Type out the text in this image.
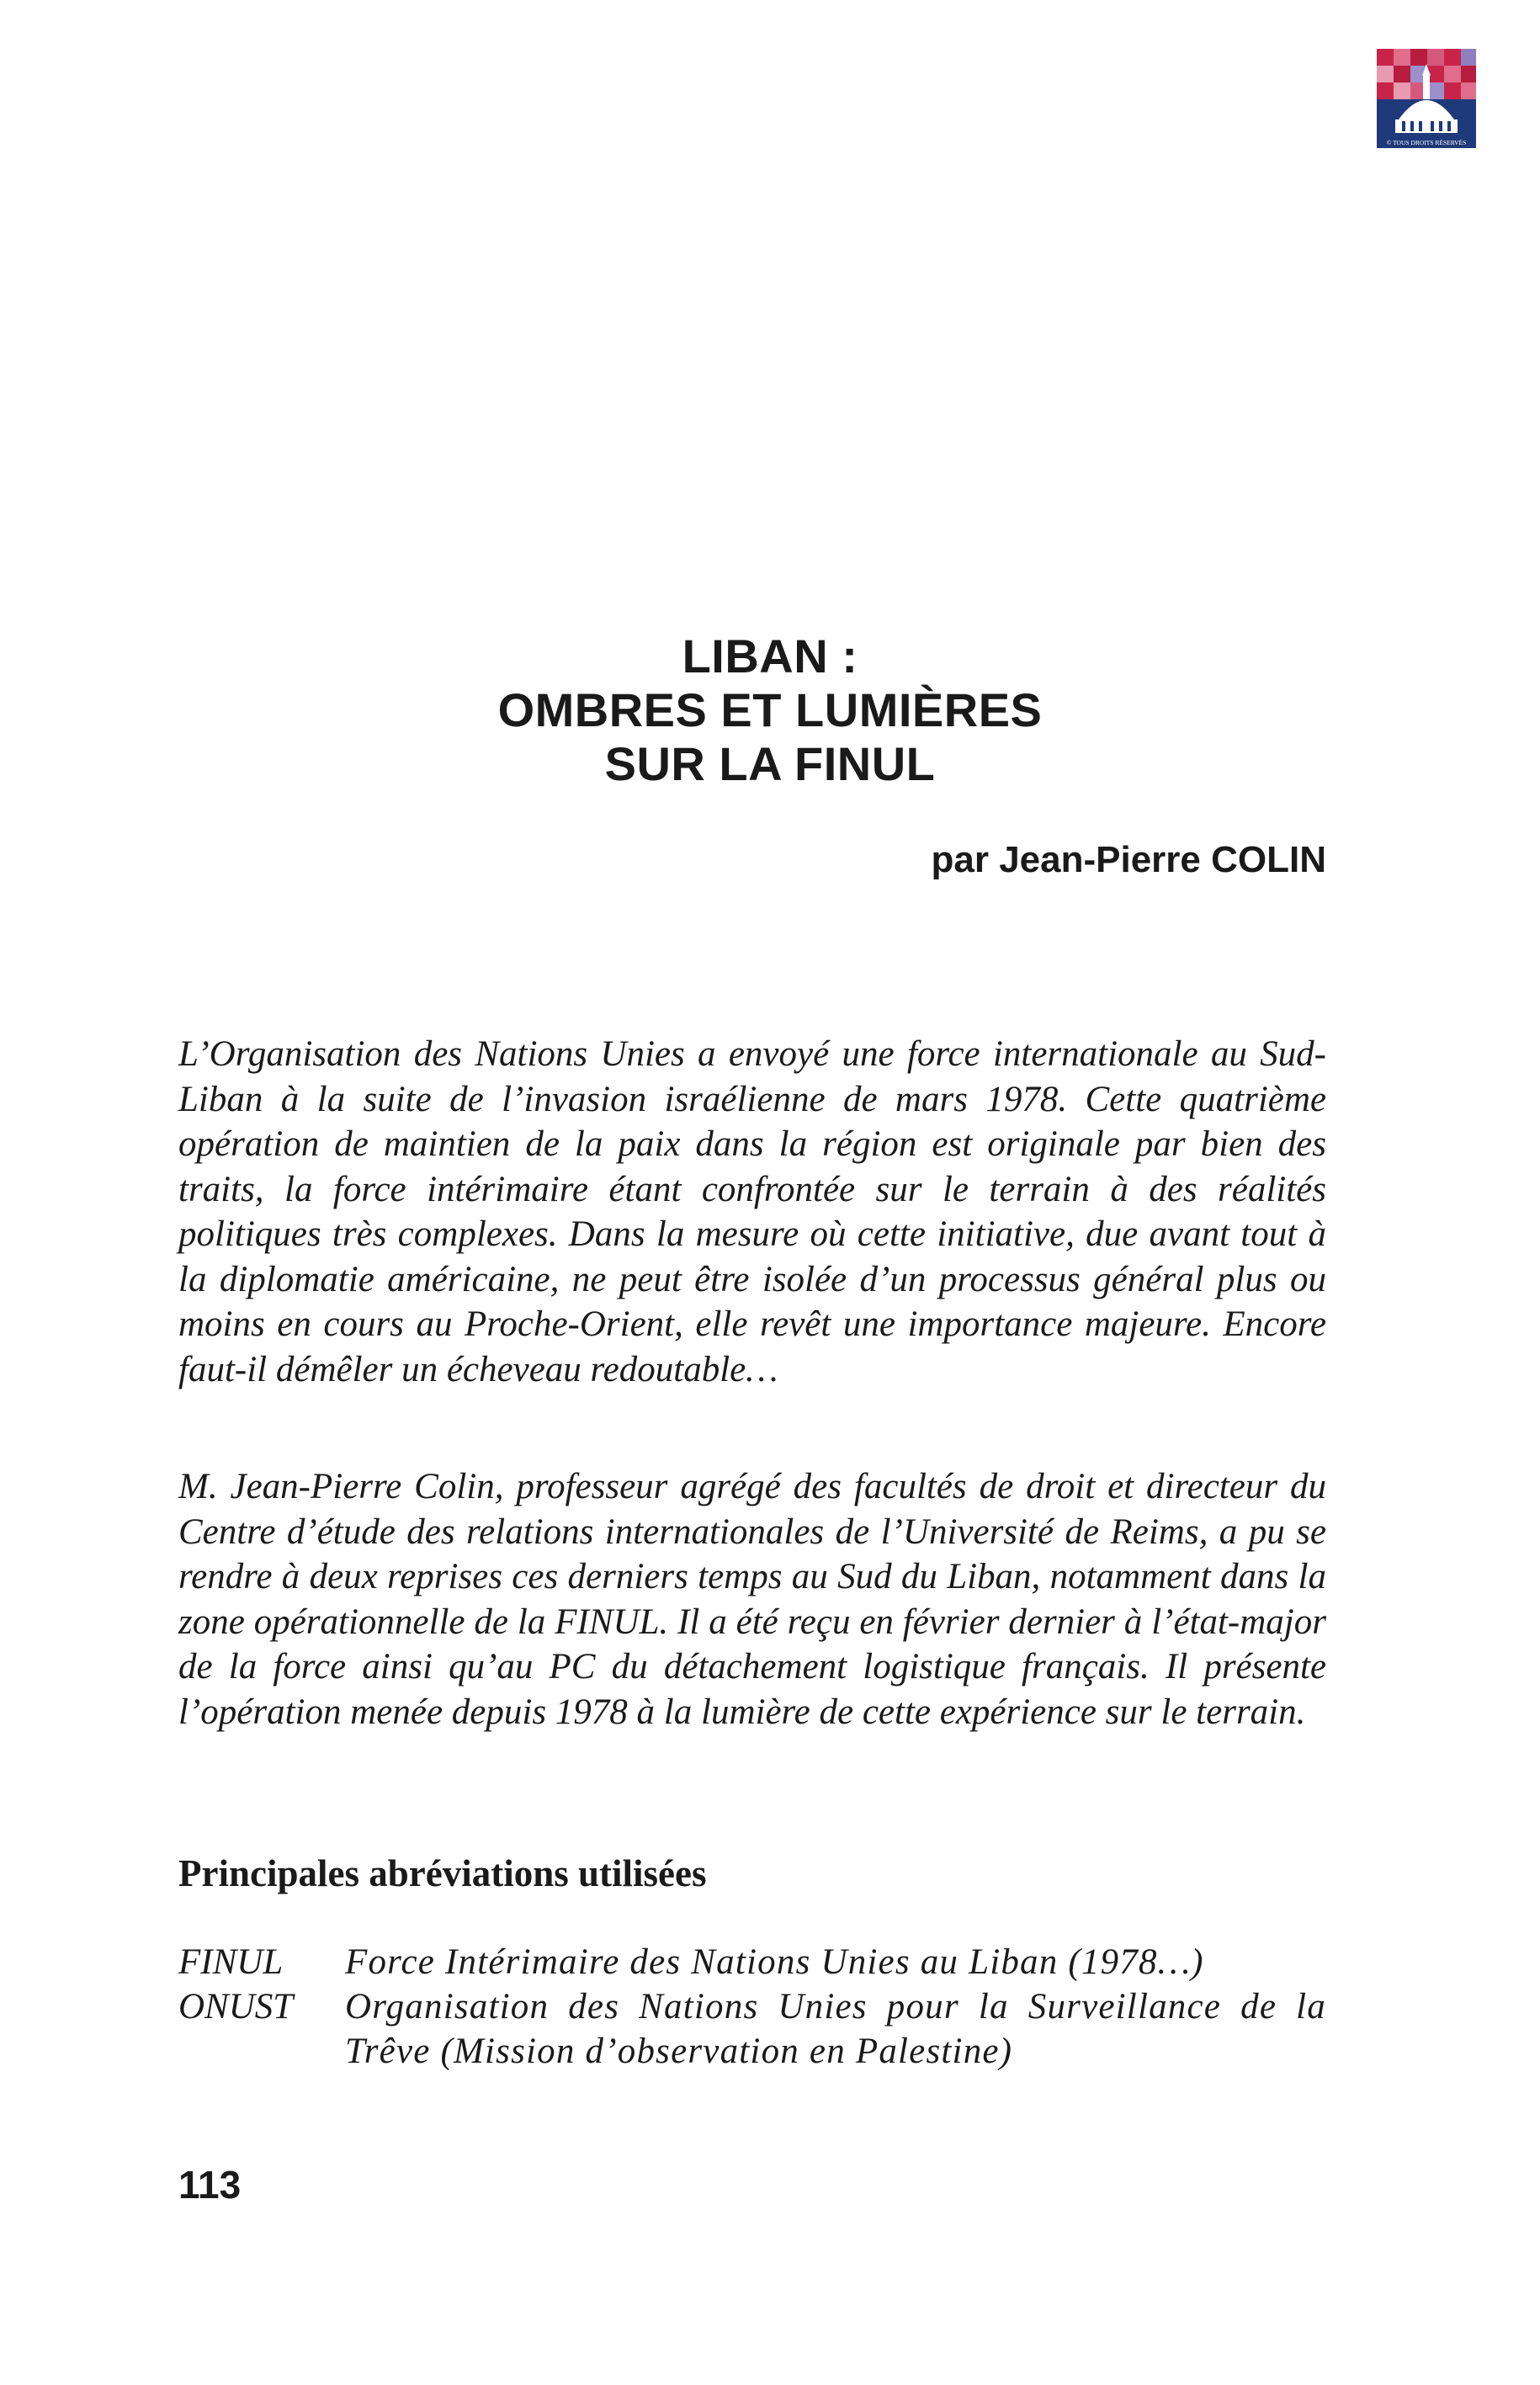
© TOUS DROITS RÉSERVÉS
LIBAN :
OMBRES ET LUMIÈRES
SUR LA FINUL
par Jean-Pierre COLIN

L’Organisation des Nations Unies a envoyé une force internationale au Sud-Liban à la suite de l’invasion israélienne de mars 1978. Cette quatrième opération de maintien de la paix dans la région est originale par bien des traits, la force intérimaire étant confrontée sur le terrain à des réalités politiques très complexes. Dans la mesure où cette initiative, due avant tout à la diplomatie américaine, ne peut être isolée d’un processus général plus ou moins en cours au Proche-Orient, elle revêt une importance majeure. Encore faut-il démêler un écheveau redoutable…

M. Jean-Pierre Colin, professeur agrégé des facultés de droit et directeur du Centre d’étude des relations internationales de l’Université de Reims, a pu se rendre à deux reprises ces derniers temps au Sud du Liban, notamment dans la zone opérationnelle de la FINUL. Il a été reçu en février dernier à l’état-major de la force ainsi qu’au PC du détachement logistique français. Il présente l’opération menée depuis 1978 à la lumière de cette expérience sur le terrain.

Principales abréviations utilisées
FINUL	Force Intérimaire des Nations Unies au Liban (1978…)
ONUST	Organisation des Nations Unies pour la Surveillance de la Trêve (Mission d’observation en Palestine)
113
